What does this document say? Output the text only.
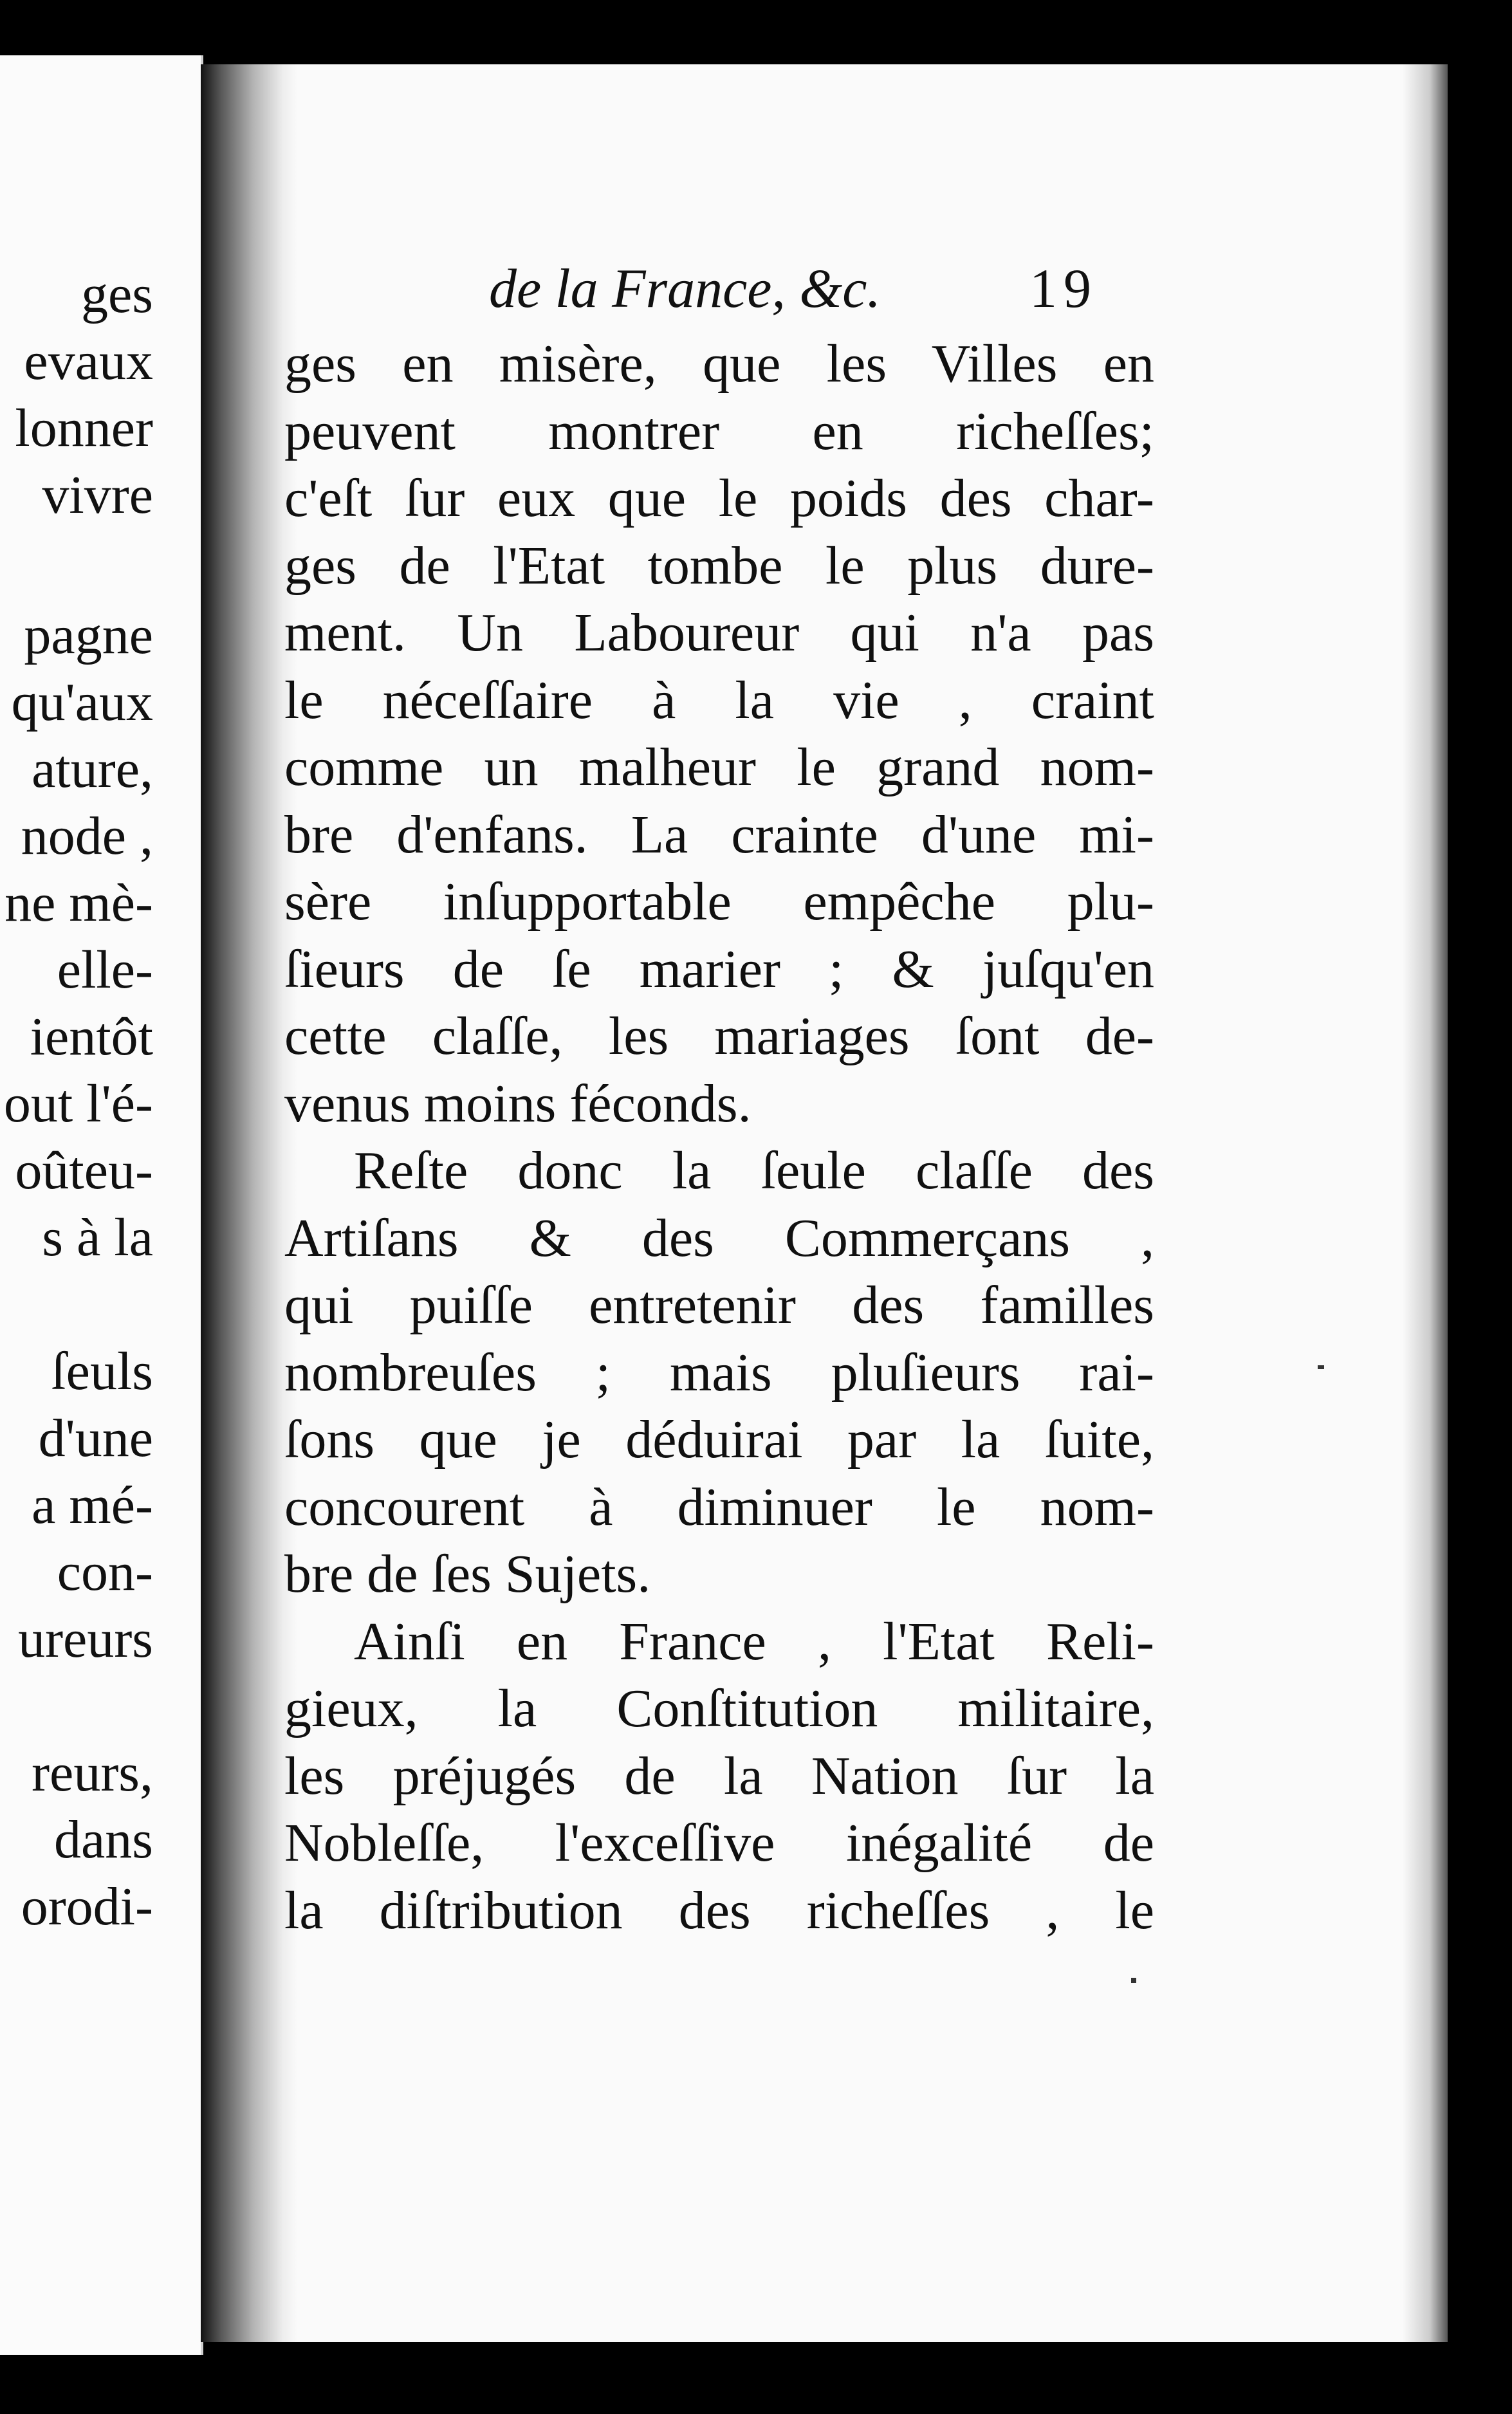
ges
evaux
lonner
vivre
pagne
qu'aux
ature,
node ,
ne mè-
elle-
ientôt
out l'é-
oûteu-
s à la
ſeuls
d'une
a mé-
con-
ureurs
reurs,
dans
orodi-
de la France, &c.	19
ges en misère, que les Villes en
peuvent montrer en richeſſes;
c'eſt ſur eux que le poids des char-
ges de l'Etat tombe le plus dure-
ment. Un Laboureur qui n'a pas
le néceſſaire à la vie , craint
comme un malheur le grand nom-
bre d'enfans. La crainte d'une mi-
sère inſupportable empêche plu-
ſieurs de ſe marier ; & juſqu'en
cette claſſe, les mariages ſont de-
venus moins féconds.
Reſte donc la ſeule claſſe des
Artiſans & des Commerçans ,
qui puiſſe entretenir des familles
nombreuſes ; mais pluſieurs rai-
ſons que je déduirai par la ſuite,
concourent à diminuer le nom-
bre de ſes Sujets.
Ainſi en France , l'Etat Reli-
gieux, la Conſtitution militaire,
les préjugés de la Nation ſur la
Nobleſſe, l'exceſſive inégalité de
la diſtribution des richeſſes , le
